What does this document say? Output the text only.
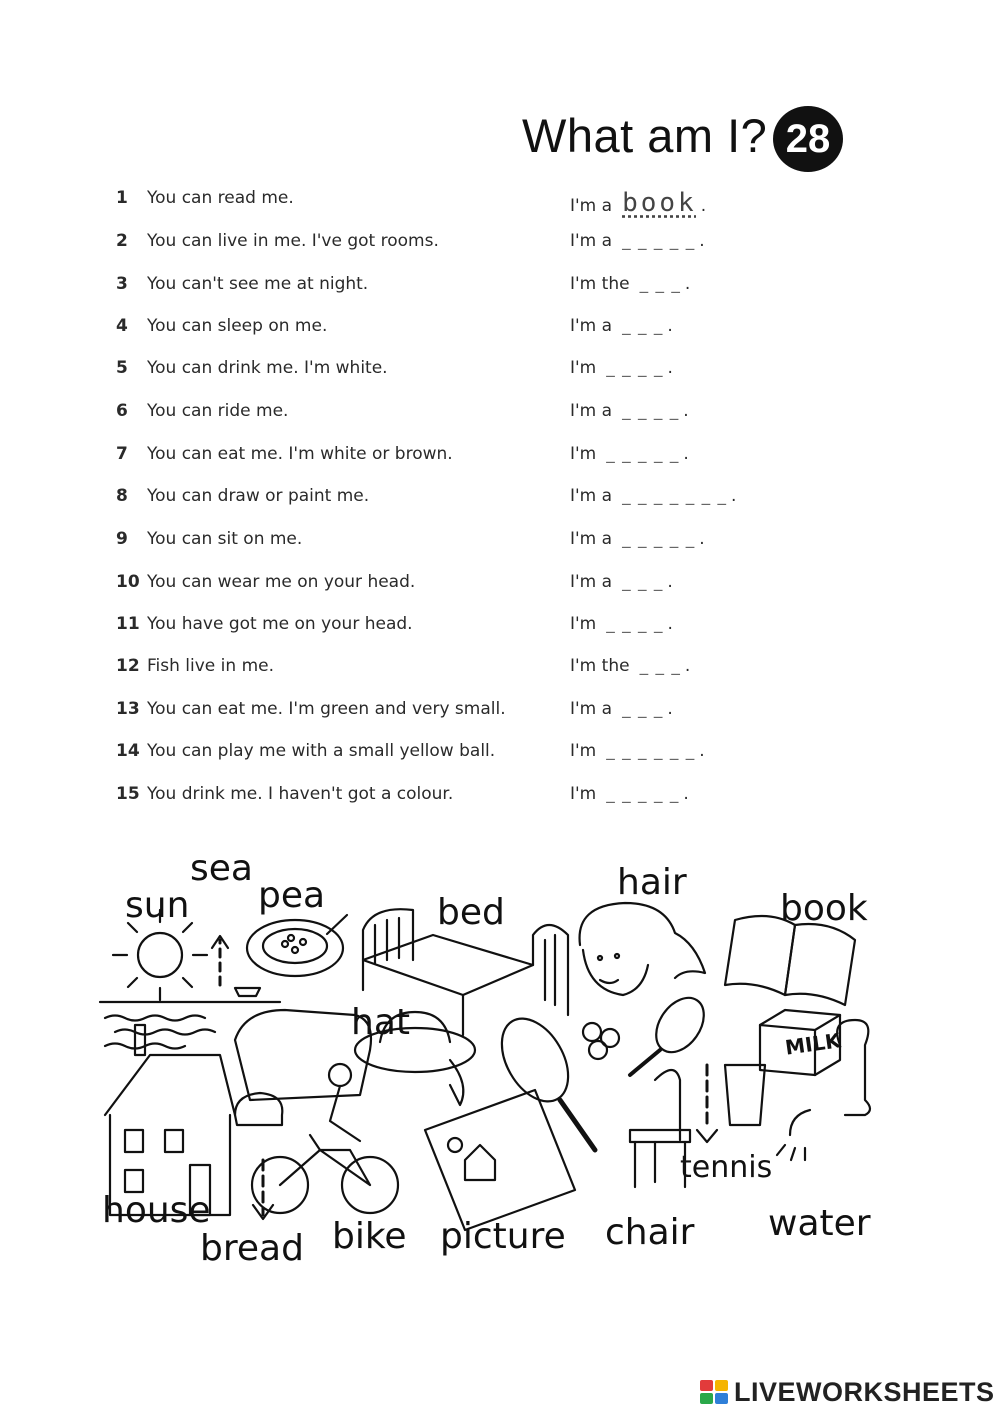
What am I? 28
1	You can read me.	I'm a book .
2	You can live in me. I've got rooms.	I'm a _ _ _ _ _ .
3	You can't see me at night.	I'm the _ _ _ .
4	You can sleep on me.	I'm a _ _ _ .
5	You can drink me. I'm white.	I'm _ _ _ _ .
6	You can ride me.	I'm a _ _ _ _ .
7	You can eat me. I'm white or brown.	I'm _ _ _ _ _ .
8	You can draw or paint me.	I'm a _ _ _ _ _ _ _ .
9	You can sit on me.	I'm a _ _ _ _ _ .
10 You can wear me on your head.	I'm a _ _ _ .
11 You have got me on your head.	I'm _ _ _ _ .
12 Fish live in me.	I'm the _ _ _ .
13 You can eat me. I'm green and very small.	I'm a _ _ _ .
14 You can play me with a small yellow ball.	I'm _ _ _ _ _ _ .
15 You drink me. I haven't got a colour.	I'm _ _ _ _ _ .
sea
sun pea	bed
hair
book
hat
house
bread bike picture chair
tennis
water
MILK
LIVEWORKSHEETS
